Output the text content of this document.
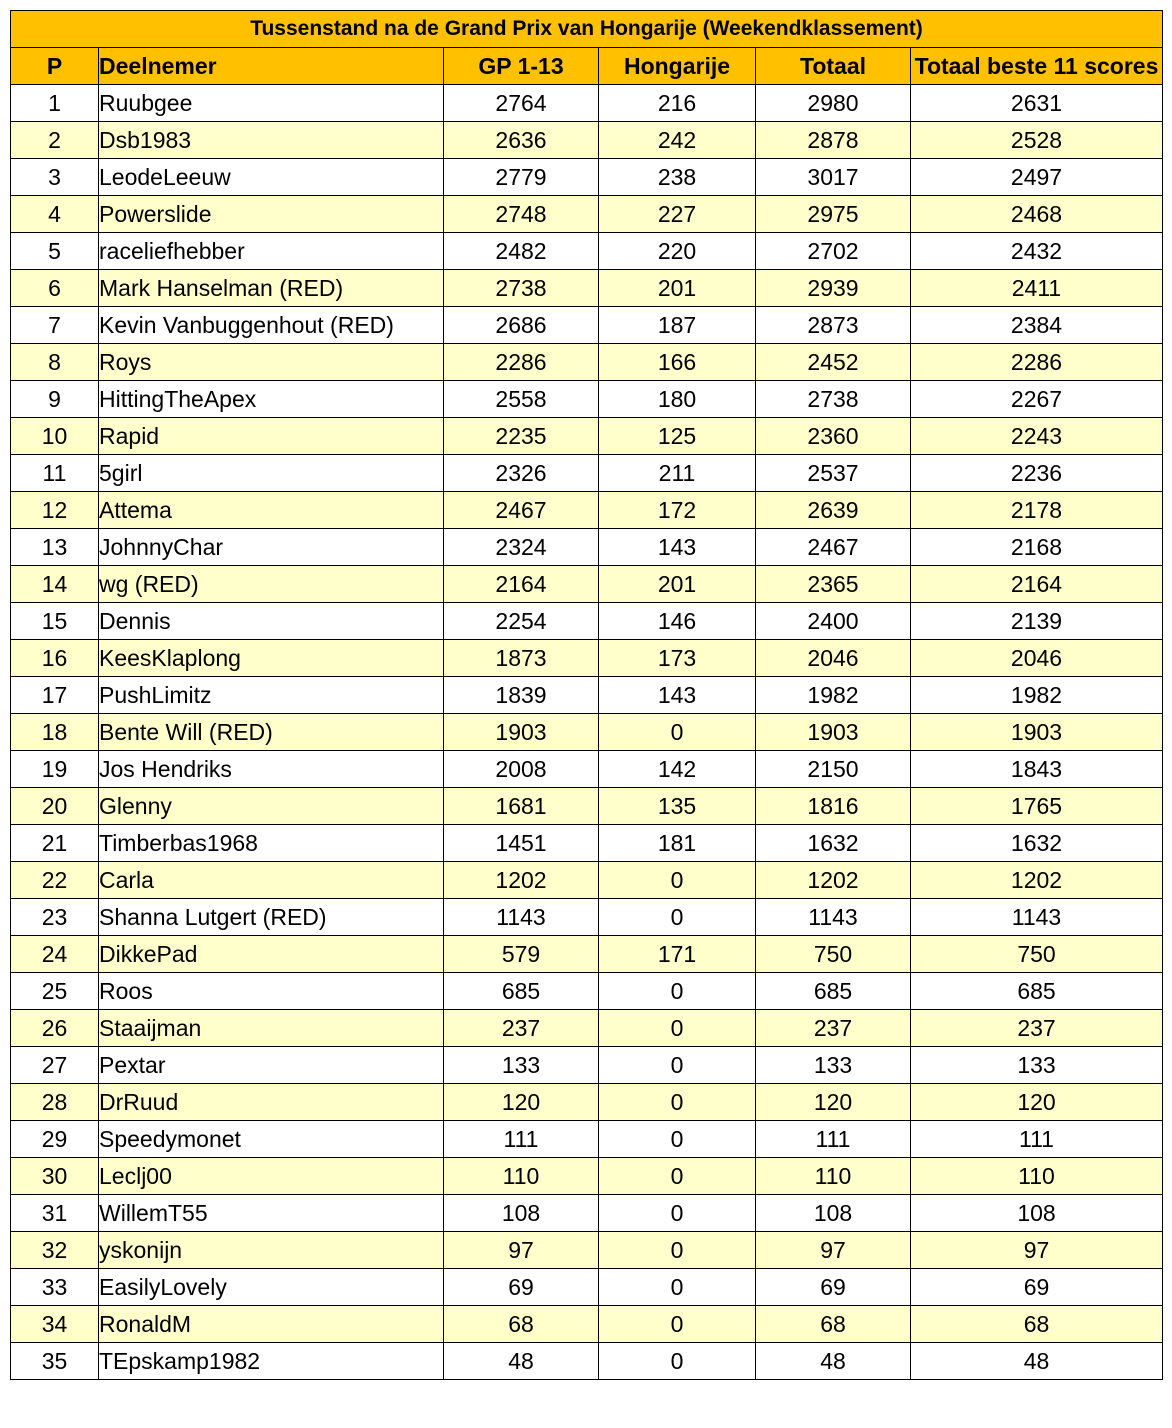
Tussenstand na de Grand Prix van Hongarije (Weekendklassement)					
P	Deelnemer	GP 1-13	Hongarije	Totaal	Totaal beste 11 scores
1	Ruubgee	2764	216	2980	2631
2	Dsb1983	2636	242	2878	2528
3	LeodeLeeuw	2779	238	3017	2497
4	Powerslide	2748	227	2975	2468
5	raceliefhebber	2482	220	2702	2432
6	Mark Hanselman (RED)	2738	201	2939	2411
7	Kevin Vanbuggenhout (RED)	2686	187	2873	2384
8	Roys	2286	166	2452	2286
9	HittingTheApex	2558	180	2738	2267
10	Rapid	2235	125	2360	2243
11	5girl	2326	211	2537	2236
12	Attema	2467	172	2639	2178
13	JohnnyChar	2324	143	2467	2168
14	wg (RED)	2164	201	2365	2164
15	Dennis	2254	146	2400	2139
16	KeesKlaplong	1873	173	2046	2046
17	PushLimitz	1839	143	1982	1982
18	Bente Will (RED)	1903	0	1903	1903
19	Jos Hendriks	2008	142	2150	1843
20	Glenny	1681	135	1816	1765
21	Timberbas1968	1451	181	1632	1632
22	Carla	1202	0	1202	1202
23	Shanna Lutgert (RED)	1143	0	1143	1143
24	DikkePad	579	171	750	750
25	Roos	685	0	685	685
26	Staaijman	237	0	237	237
27	Pextar	133	0	133	133
28	DrRuud	120	0	120	120
29	Speedymonet	111	0	111	111
30	Leclj00	110	0	110	110
31	WillemT55	108	0	108	108
32	yskonijn	97	0	97	97
33	EasilyLovely	69	0	69	69
34	RonaldM	68	0	68	68
35	TEpskamp1982	48	0	48	48
